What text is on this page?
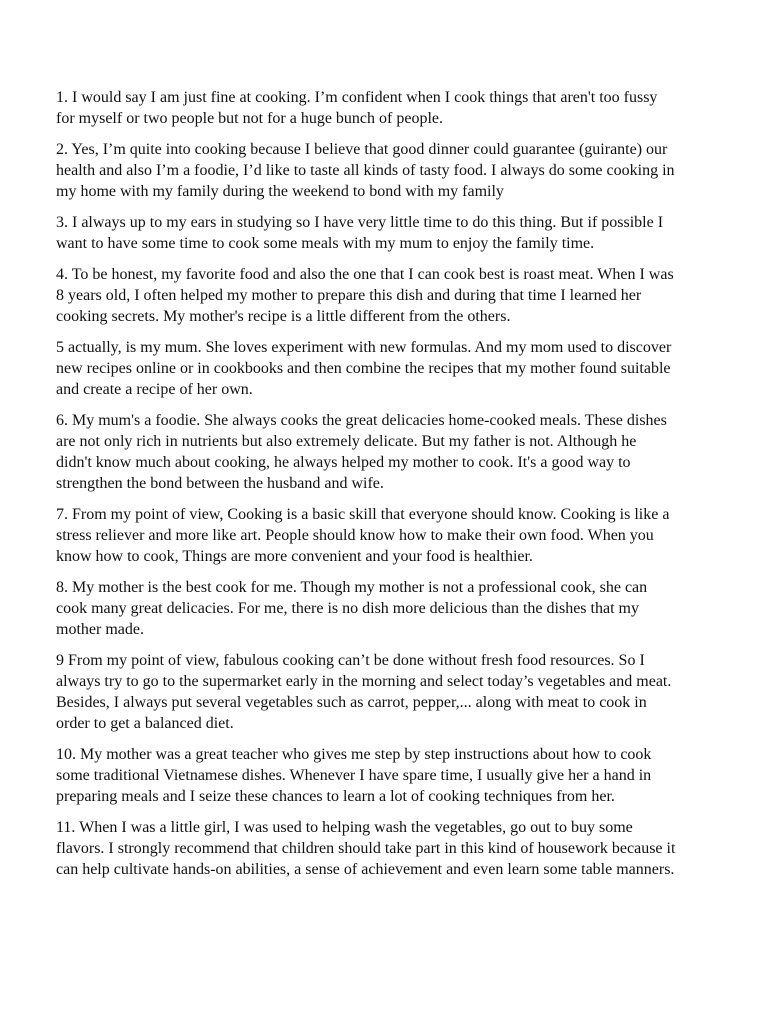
1. I would say I am just fine at cooking. I’m confident when I cook things that aren't too fussy for myself or two people but not for a huge bunch of people.

2. Yes, I’m quite into cooking because I believe that good dinner could guarantee (guirante) our health and also I’m a foodie, I’d like to taste all kinds of tasty food. I always do some cooking in my home with my family during the weekend to bond with my family

3. I always up to my ears in studying so I have very little time to do this thing. But if possible I want to have some time to cook some meals with my mum to enjoy the family time.

4. To be honest, my favorite food and also the one that I can cook best is roast meat. When I was 8 years old, I often helped my mother to prepare this dish and during that time I learned her cooking secrets. My mother's recipe is a little different from the others.

5 actually, is my mum. She loves experiment with new formulas. And my mom used to discover new recipes online or in cookbooks and then combine the recipes that my mother found suitable and create a recipe of her own.

6. My mum's a foodie. She always cooks the great delicacies home-cooked meals. These dishes are not only rich in nutrients but also extremely delicate. But my father is not. Although he didn't know much about cooking, he always helped my mother to cook. It's a good way to strengthen the bond between the husband and wife.

7. From my point of view, Cooking is a basic skill that everyone should know. Cooking is like a stress reliever and more like art. People should know how to make their own food. When you know how to cook, Things are more convenient and your food is healthier.

8. My mother is the best cook for me. Though my mother is not a professional cook, she can cook many great delicacies. For me, there is no dish more delicious than the dishes that my mother made.

9 From my point of view, fabulous cooking can’t be done without fresh food resources. So I always try to go to the supermarket early in the morning and select today’s vegetables and meat. Besides, I always put several vegetables such as carrot, pepper,... along with meat to cook in order to get a balanced diet.

10. My mother was a great teacher who gives me step by step instructions about how to cook some traditional Vietnamese dishes. Whenever I have spare time, I usually give her a hand in preparing meals and I seize these chances to learn a lot of cooking techniques from her.

11. When I was a little girl, I was used to helping wash the vegetables, go out to buy some flavors. I strongly recommend that children should take part in this kind of housework because it can help cultivate hands-on abilities, a sense of achievement and even learn some table manners.
